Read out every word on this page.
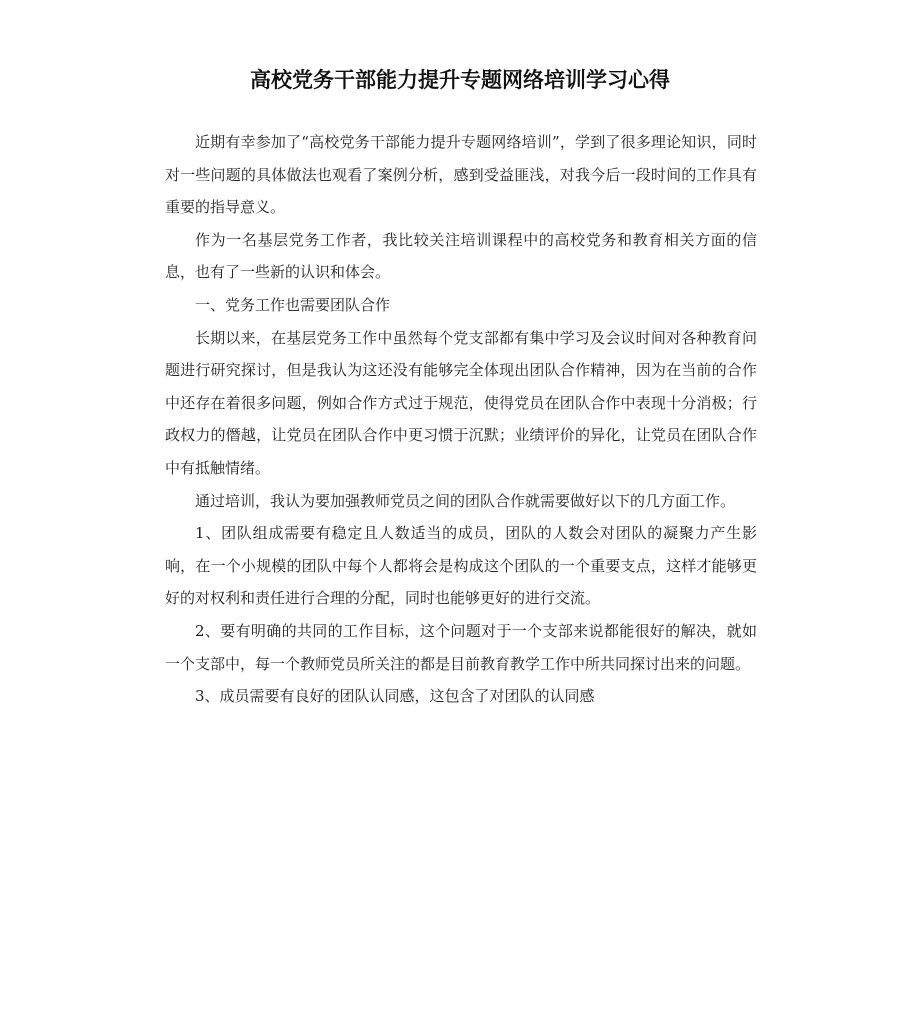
高校党务干部能力提升专题网络培训学习心得

近期有幸参加了“高校党务干部能力提升专题网络培训”，学到了很多理论知识，同时对一些问题的具体做法也观看了案例分析，感到受益匪浅，对我今后一段时间的工作具有重要的指导意义。

作为一名基层党务工作者，我比较关注培训课程中的高校党务和教育相关方面的信息，也有了一些新的认识和体会。

一、党务工作也需要团队合作

长期以来，在基层党务工作中虽然每个党支部都有集中学习及会议时间对各种教育问题进行研究探讨，但是我认为这还没有能够完全体现出团队合作精神，因为在当前的合作中还存在着很多问题，例如合作方式过于规范，使得党员在团队合作中表现十分消极；行政权力的僭越，让党员在团队合作中更习惯于沉默；业绩评价的异化，让党员在团队合作中有抵触情绪。

通过培训，我认为要加强教师党员之间的团队合作就需要做好以下的几方面工作。

1、团队组成需要有稳定且人数适当的成员，团队的人数会对团队的凝聚力产生影响，在一个小规模的团队中每个人都将会是构成这个团队的一个重要支点，这样才能够更好的对权利和责任进行合理的分配，同时也能够更好的进行交流。

2、要有明确的共同的工作目标，这个问题对于一个支部来说都能很好的解决，就如一个支部中，每一个教师党员所关注的都是目前教育教学工作中所共同探讨出来的问题。

3、成员需要有良好的团队认同感，这包含了对团队的认同感
